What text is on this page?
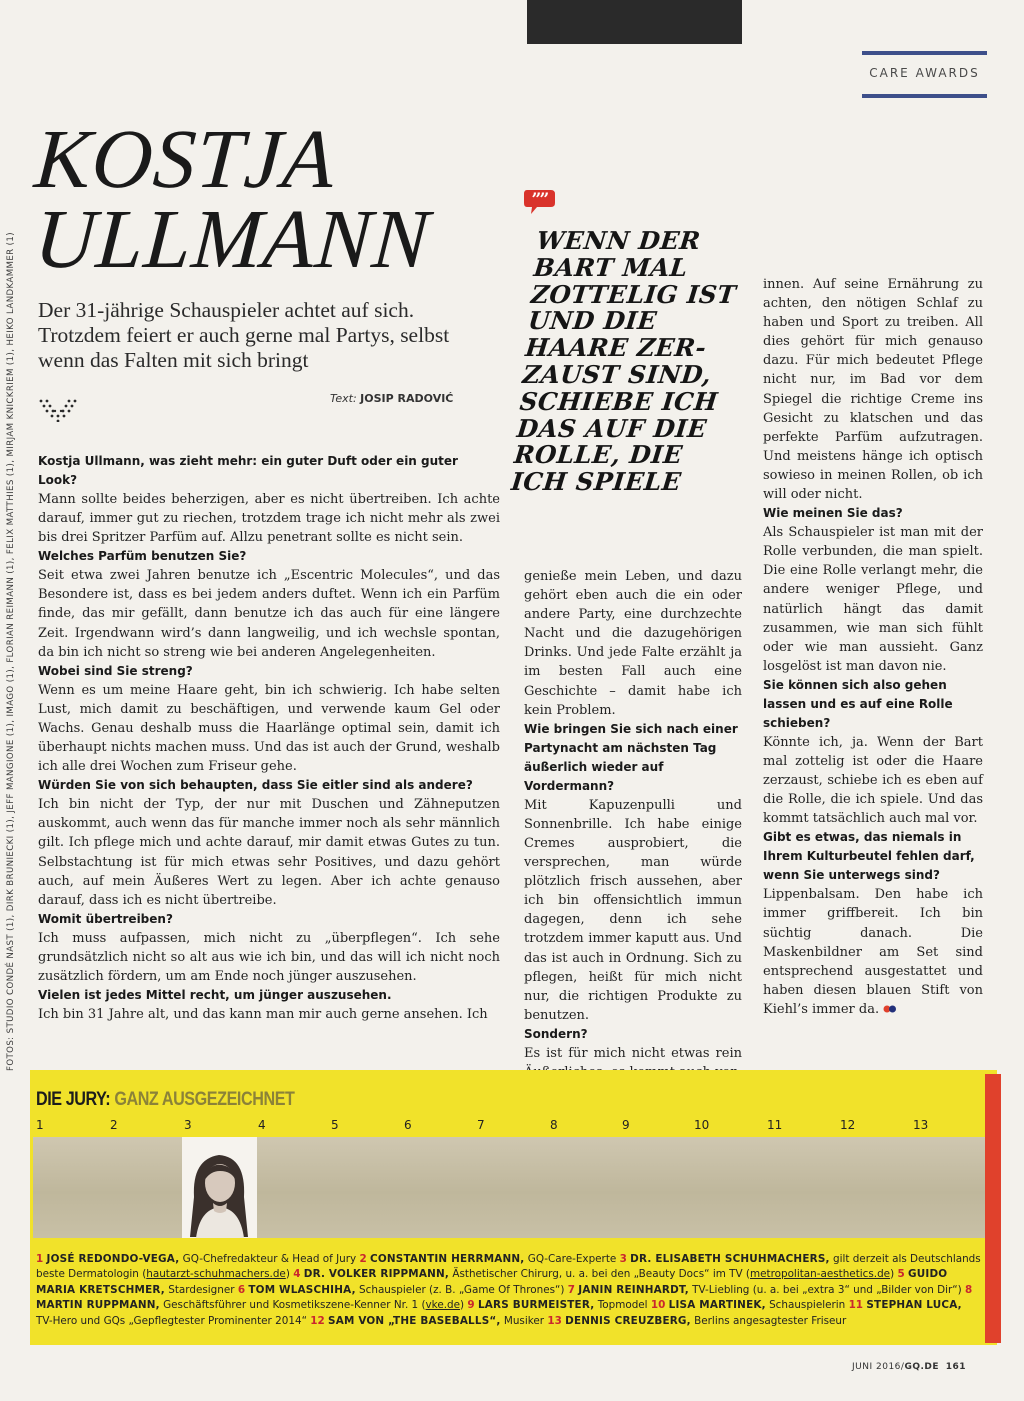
CARE AWARDS
FOTOS: STUDIO CONDÉ NAST (1), DIRK BRUNIECKI (1), JEFF MANGIONE (1), IMAGO (1), FLORIAN REIMANN (1), FELIX MATTHIES (1), MIRJAM KNICKRIEM (1), HEIKO LANDKAMMER (1)
KOSTJA
ULLMANN
Der 31-jährige Schauspieler achtet auf sich. Trotzdem feiert er auch gerne mal Partys, selbst wenn das Falten mit sich bringt
Text: JOSIP RADOVIĆ
”
”
WENN DER BART MAL ZOTTELIG IST UND DIE HAARE ZER-ZAUST SIND, SCHIEBE ICH DAS AUF DIE ROLLE, DIE ICH SPIELE

Kostja Ullmann, was zieht mehr: ein guter Duft oder ein guter Look?

Mann sollte beides beherzigen, aber es nicht übertreiben. Ich achte darauf, immer gut zu riechen, trotzdem trage ich nicht mehr als zwei bis drei Spritzer Parfüm auf. Allzu penetrant sollte es nicht sein.

Welches Parfüm benutzen Sie?

Seit etwa zwei Jahren benutze ich „Escentric Molecules“, und das Besondere ist, dass es bei jedem anders duftet. Wenn ich ein Parfüm finde, das mir gefällt, dann benutze ich das auch für eine längere Zeit. Irgendwann wird’s dann langweilig, und ich wechsle spontan, da bin ich nicht so streng wie bei anderen Angelegenheiten.

Wobei sind Sie streng?

Wenn es um meine Haare geht, bin ich schwierig. Ich habe selten Lust, mich damit zu beschäftigen, und verwende kaum Gel oder Wachs. Genau deshalb muss die Haarlänge optimal sein, damit ich überhaupt nichts machen muss. Und das ist auch der Grund, weshalb ich alle drei Wochen zum Friseur gehe.

Würden Sie von sich behaupten, dass Sie eitler sind als andere?

Ich bin nicht der Typ, der nur mit Duschen und Zähneputzen auskommt, auch wenn das für manche immer noch als sehr männlich gilt. Ich pflege mich und achte darauf, mir damit etwas Gutes zu tun. Selbstachtung ist für mich etwas sehr Positives, und dazu gehört auch, auf mein Äußeres Wert zu legen. Aber ich achte genauso darauf, dass ich es nicht übertreibe.

Womit übertreiben?

Ich muss aufpassen, mich nicht zu „überpflegen“. Ich sehe grundsätzlich nicht so alt aus wie ich bin, und das will ich nicht noch zusätzlich fördern, um am Ende noch jünger auszusehen.

Vielen ist jedes Mittel recht, um jünger auszusehen.

Ich bin 31 Jahre alt, und das kann man mir auch gerne ansehen. Ich

genieße mein Leben, und dazu gehört eben auch die ein oder andere Party, eine durchzechte Nacht und die dazugehörigen Drinks. Und jede Falte erzählt ja im besten Fall auch eine Geschichte – damit habe ich kein Problem.

Wie bringen Sie sich nach einer Partynacht am nächsten Tag äußerlich wieder auf Vordermann?

Mit Kapuzenpulli und Sonnenbrille. Ich habe einige Cremes ausprobiert, die versprechen, man würde plötzlich frisch aussehen, aber ich bin offensichtlich immun dagegen, denn ich sehe trotzdem immer kaputt aus. Und das ist auch in Ordnung. Sich zu pflegen, heißt für mich nicht nur, die richtigen Produkte zu benutzen.

Sondern?

Es ist für mich nicht etwas rein

innen. Auf seine Ernährung zu achten, den nötigen Schlaf zu haben und Sport zu treiben. All dies gehört für mich genauso dazu. Für mich bedeutet Pflege nicht nur, im Bad vor dem Spiegel die richtige Creme ins Gesicht zu klatschen und das perfekte Parfüm aufzutragen. Und meistens hänge ich optisch sowieso in meinen Rollen, ob ich will oder nicht.

Wie meinen Sie das?

Als Schauspieler ist man mit der Rolle verbunden, die man spielt. Die eine Rolle verlangt mehr, die andere weniger Pflege, und natürlich hängt das damit zusammen, wie man sich fühlt oder wie man aussieht. Ganz losgelöst ist man davon nie.

Sie können sich also gehen lassen und es auf eine Rolle schieben?

Könnte ich, ja. Wenn der Bart mal zottelig ist oder die Haare zerzaust, schiebe ich es eben auf die Rolle, die ich spiele. Und das kommt tatsächlich auch mal vor.

Gibt es etwas, das niemals in Ihrem Kulturbeutel fehlen darf, wenn Sie unterwegs sind?

Lippenbalsam. Den habe ich immer griffbereit. Ich bin süchtig danach. Die Maskenbildner am Set sind entsprechend ausgestattet und haben diesen blauen Stift von Kiehl’s immer da.

DIE JURY: GANZ AUSGEZEICHNET
1	2	3	4	5	6	7	8	9	10	11	12	13
1 JOSÉ REDONDO-VEGA, GQ-Chefredakteur & Head of Jury 2 CONSTANTIN HERRMANN, GQ-Care-Experte 3 DR. ELISABETH SCHUHMACHERS, gilt derzeit als Deutschlands beste Dermatologin (hautarzt-schuhmachers.de) 4 DR. VOLKER RIPPMANN, Ästhetischer Chirurg, u. a. bei den „Beauty Docs“ im TV (metropolitan-aesthetics.de) 5 GUIDO MARIA KRETSCHMER, Stardesigner 6 TOM WLASCHIHA, Schauspieler (z. B. „Game Of Thrones“) 7 JANIN REINHARDT, TV-Liebling (u. a. bei „extra 3“ und „Bilder von Dir“) 8 MARTIN RUPPMANN, Geschäftsführer und Kosmetikszene-Kenner Nr. 1 (vke.de) 9 LARS BURMEISTER, Topmodel 10 LISA MARTINEK, Schauspielerin 11 STEPHAN LUCA, TV-Hero und GQs „Gepflegtester Prominenter 2014“ 12 SAM VON „THE BASEBALLS“, Musiker 13 DENNIS CREUZBERG, Berlins angesagtester Friseur
JUNI 2016/GQ.DE 161
